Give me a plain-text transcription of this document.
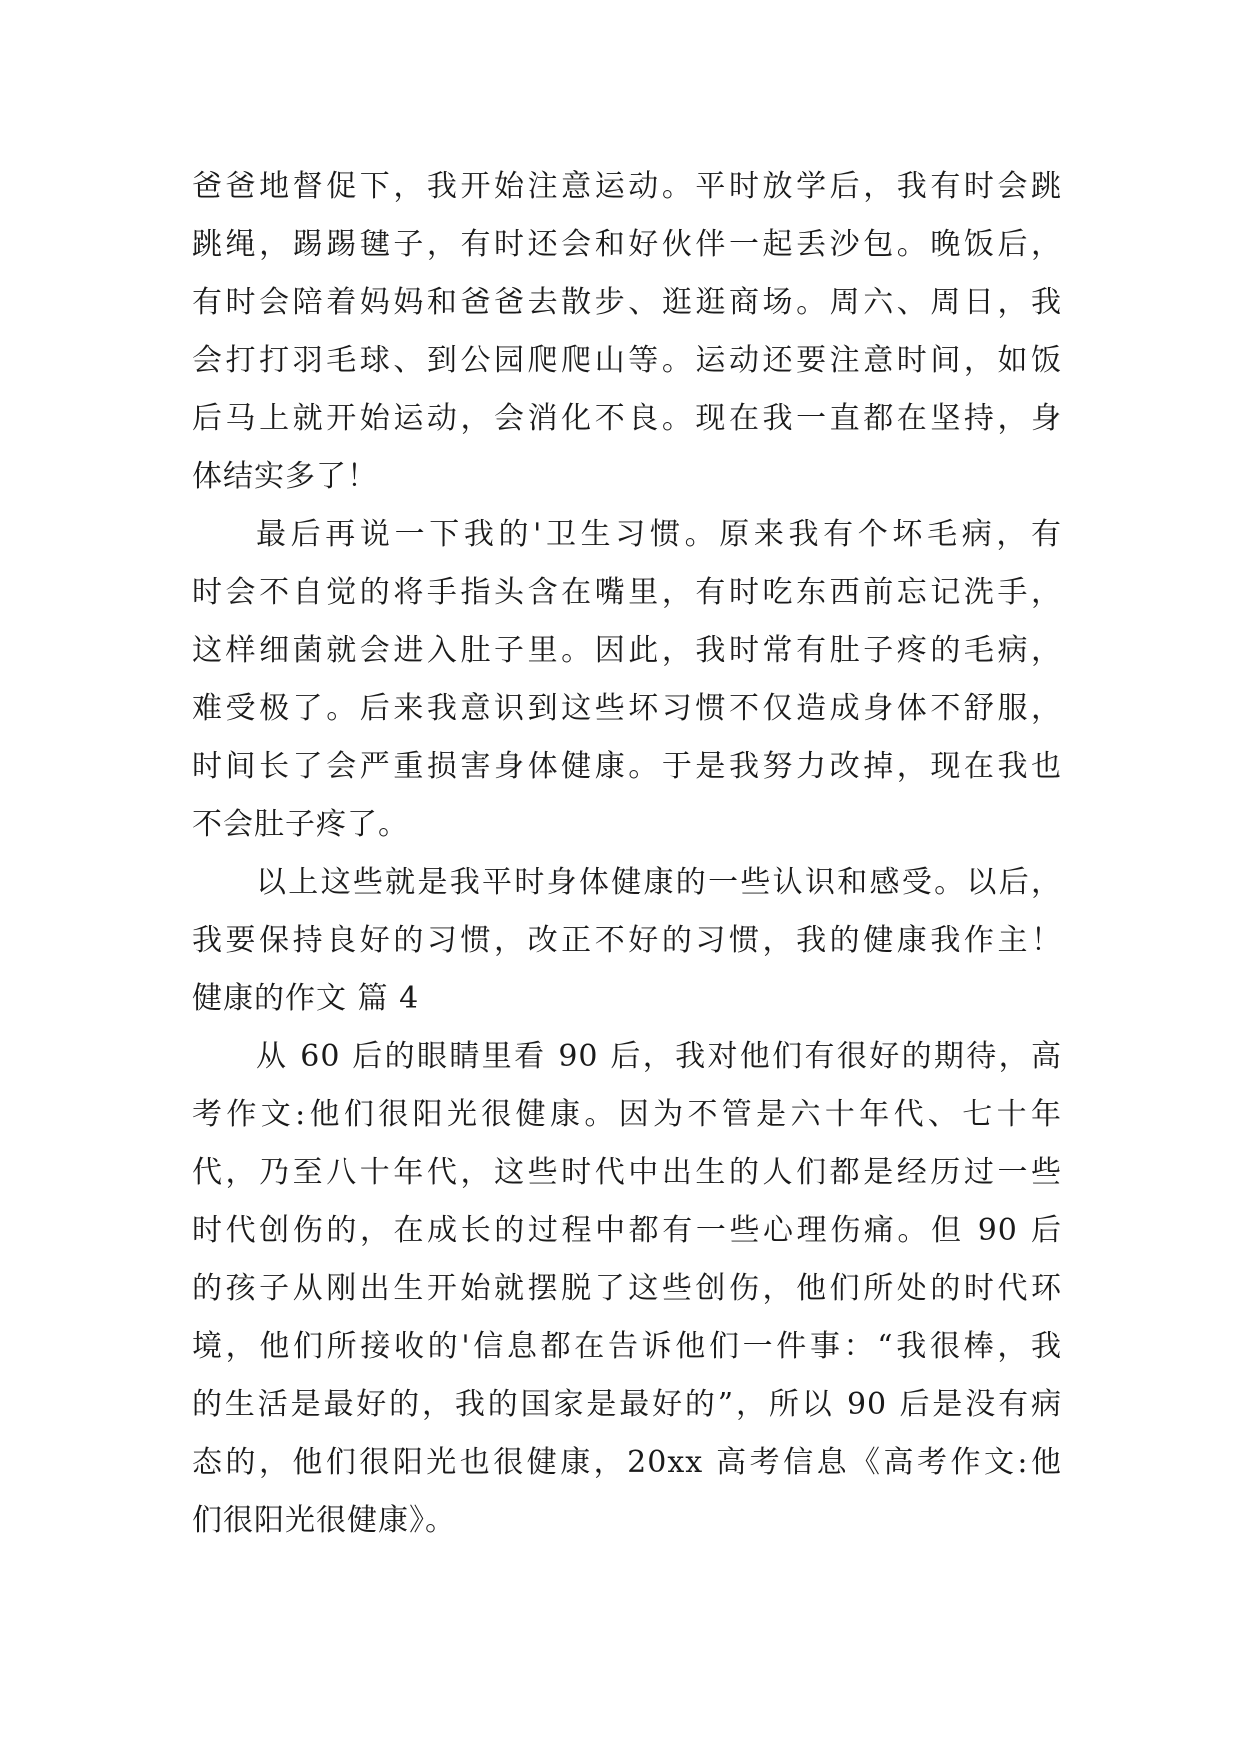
爸爸地督促下，我开始注意运动。平时放学后，我有时会跳
跳绳，踢踢毽子，有时还会和好伙伴一起丢沙包。晚饭后，
有时会陪着妈妈和爸爸去散步、逛逛商场。周六、周日，我
会打打羽毛球、到公园爬爬山等。运动还要注意时间，如饭
后马上就开始运动，会消化不良。现在我一直都在坚持，身
体结实多了！
最后再说一下我的'卫生习惯。原来我有个坏毛病，有
时会不自觉的将手指头含在嘴里，有时吃东西前忘记洗手，
这样细菌就会进入肚子里。因此，我时常有肚子疼的毛病，
难受极了。后来我意识到这些坏习惯不仅造成身体不舒服，
时间长了会严重损害身体健康。于是我努力改掉，现在我也
不会肚子疼了。
以上这些就是我平时身体健康的一些认识和感受。以后，
我要保持良好的习惯，改正不好的习惯，我的健康我作主！
健康的作文 篇 4
从 60 后的眼睛里看 90 后，我对他们有很好的期待，高
考作文:他们很阳光很健康。因为不管是六十年代、七十年
代，乃至八十年代，这些时代中出生的人们都是经历过一些
时代创伤的，在成长的过程中都有一些心理伤痛。但 90 后
的孩子从刚出生开始就摆脱了这些创伤，他们所处的时代环
境，他们所接收的'信息都在告诉他们一件事：“我很棒，我
的生活是最好的，我的国家是最好的”，所以 90 后是没有病
态的，他们很阳光也很健康，20xx 高考信息《高考作文:他
们很阳光很健康》。
